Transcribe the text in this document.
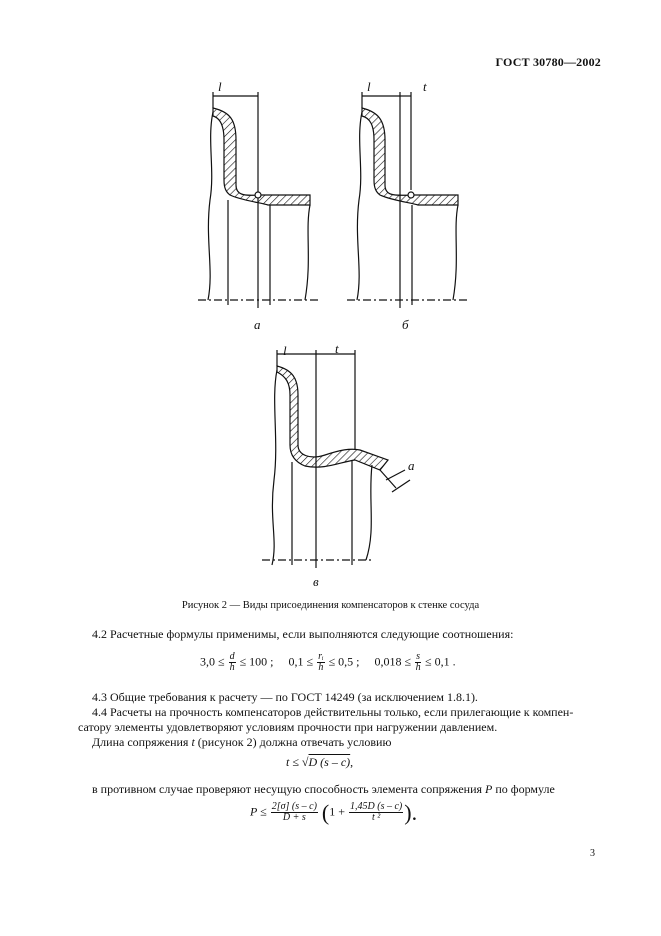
ГОСТ 30780—2002
l	l	t
l	t
a
а	б
в
Рисунок 2 — Виды присоединения компенсаторов к стенке сосуда
4.2 Расчетные формулы применимы, если выполняются следующие соотношения:
$3,0 \le \frac{d}{h} \le 100$ ; $0,1 \le \frac{\text{rᵢ}}{h} \le 0,5$ ; $0,018 \le \frac{s}{h} \le 0,1$ .
4.3 Общие требования к расчету — по ГОСТ 14249 (за исключением 1.8.1).
4.4 Расчеты на прочность компенсаторов действительны только, если прилегающие к компен-
сатору элементы удовлетворяют условиям прочности при нагружении давлением.
Длина сопряжения t (рисунок 2) должна отвечать условию
t ≤ √D (s – c),
в противном случае проверяют несущую способность элемента сопряжения P по формуле
$P \le \frac{2[\sigma] (s - c)}{D + s} (1 + \frac{1,45D (s - c)}{\text{t ²}}$ ).
3
